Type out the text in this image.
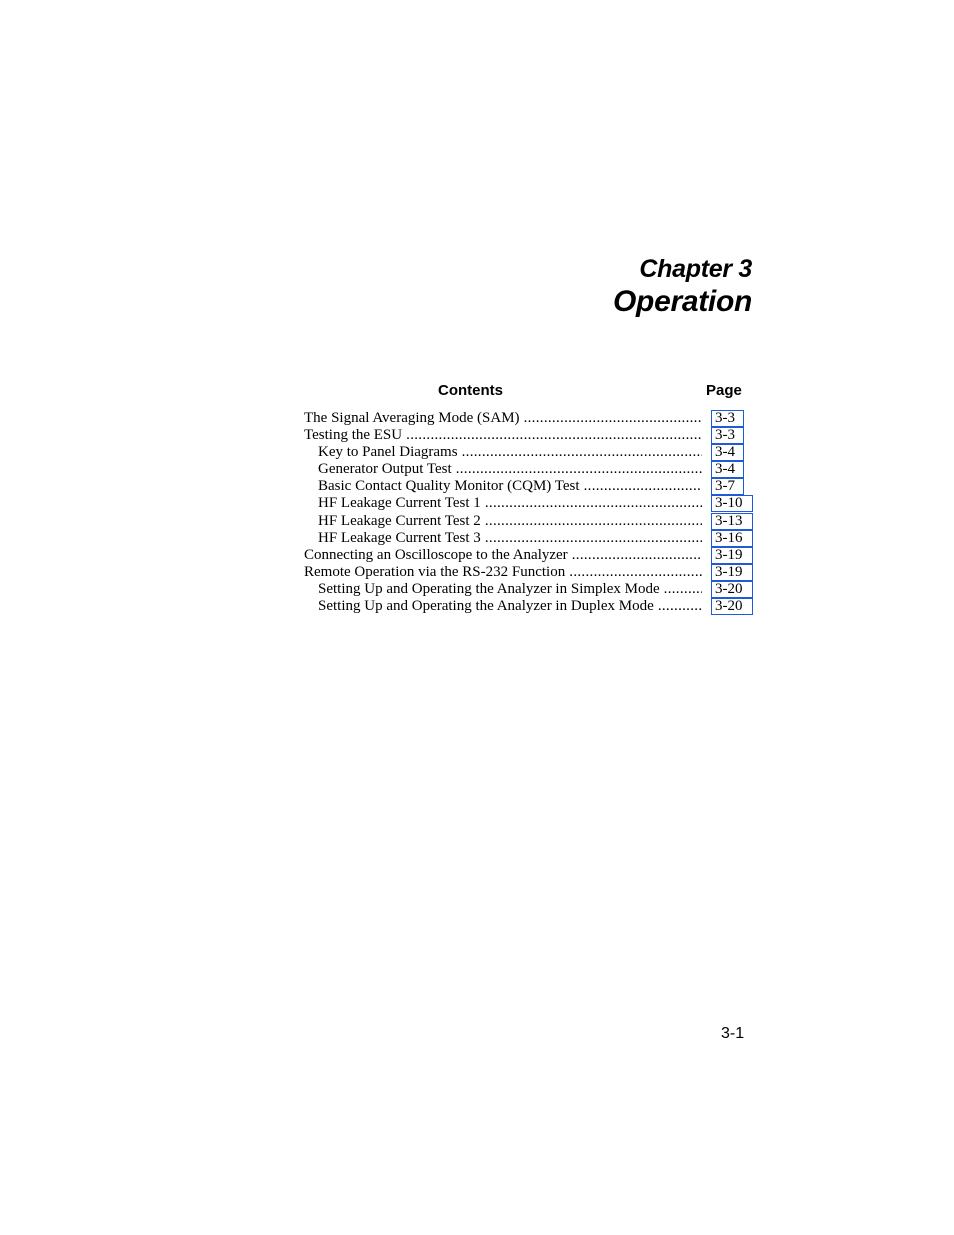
Chapter 3
Operation
Contents	Page
The Signal Averaging Mode (SAM) .....	3-3
Testing the ESU .....	3-3
Key to Panel Diagrams .....	3-4
Generator Output Test .....	3-4
Basic Contact Quality Monitor (CQM) Test .....	3-7
HF Leakage Current Test 1 .....	3-10
HF Leakage Current Test 2 .....	3-13
HF Leakage Current Test 3 .....	3-16
Connecting an Oscilloscope to the Analyzer .....	3-19
Remote Operation via the RS-232 Function .....	3-19
Setting Up and Operating the Analyzer in Simplex Mode .....	3-20
Setting Up and Operating the Analyzer in Duplex Mode .....	3-20
3-1
